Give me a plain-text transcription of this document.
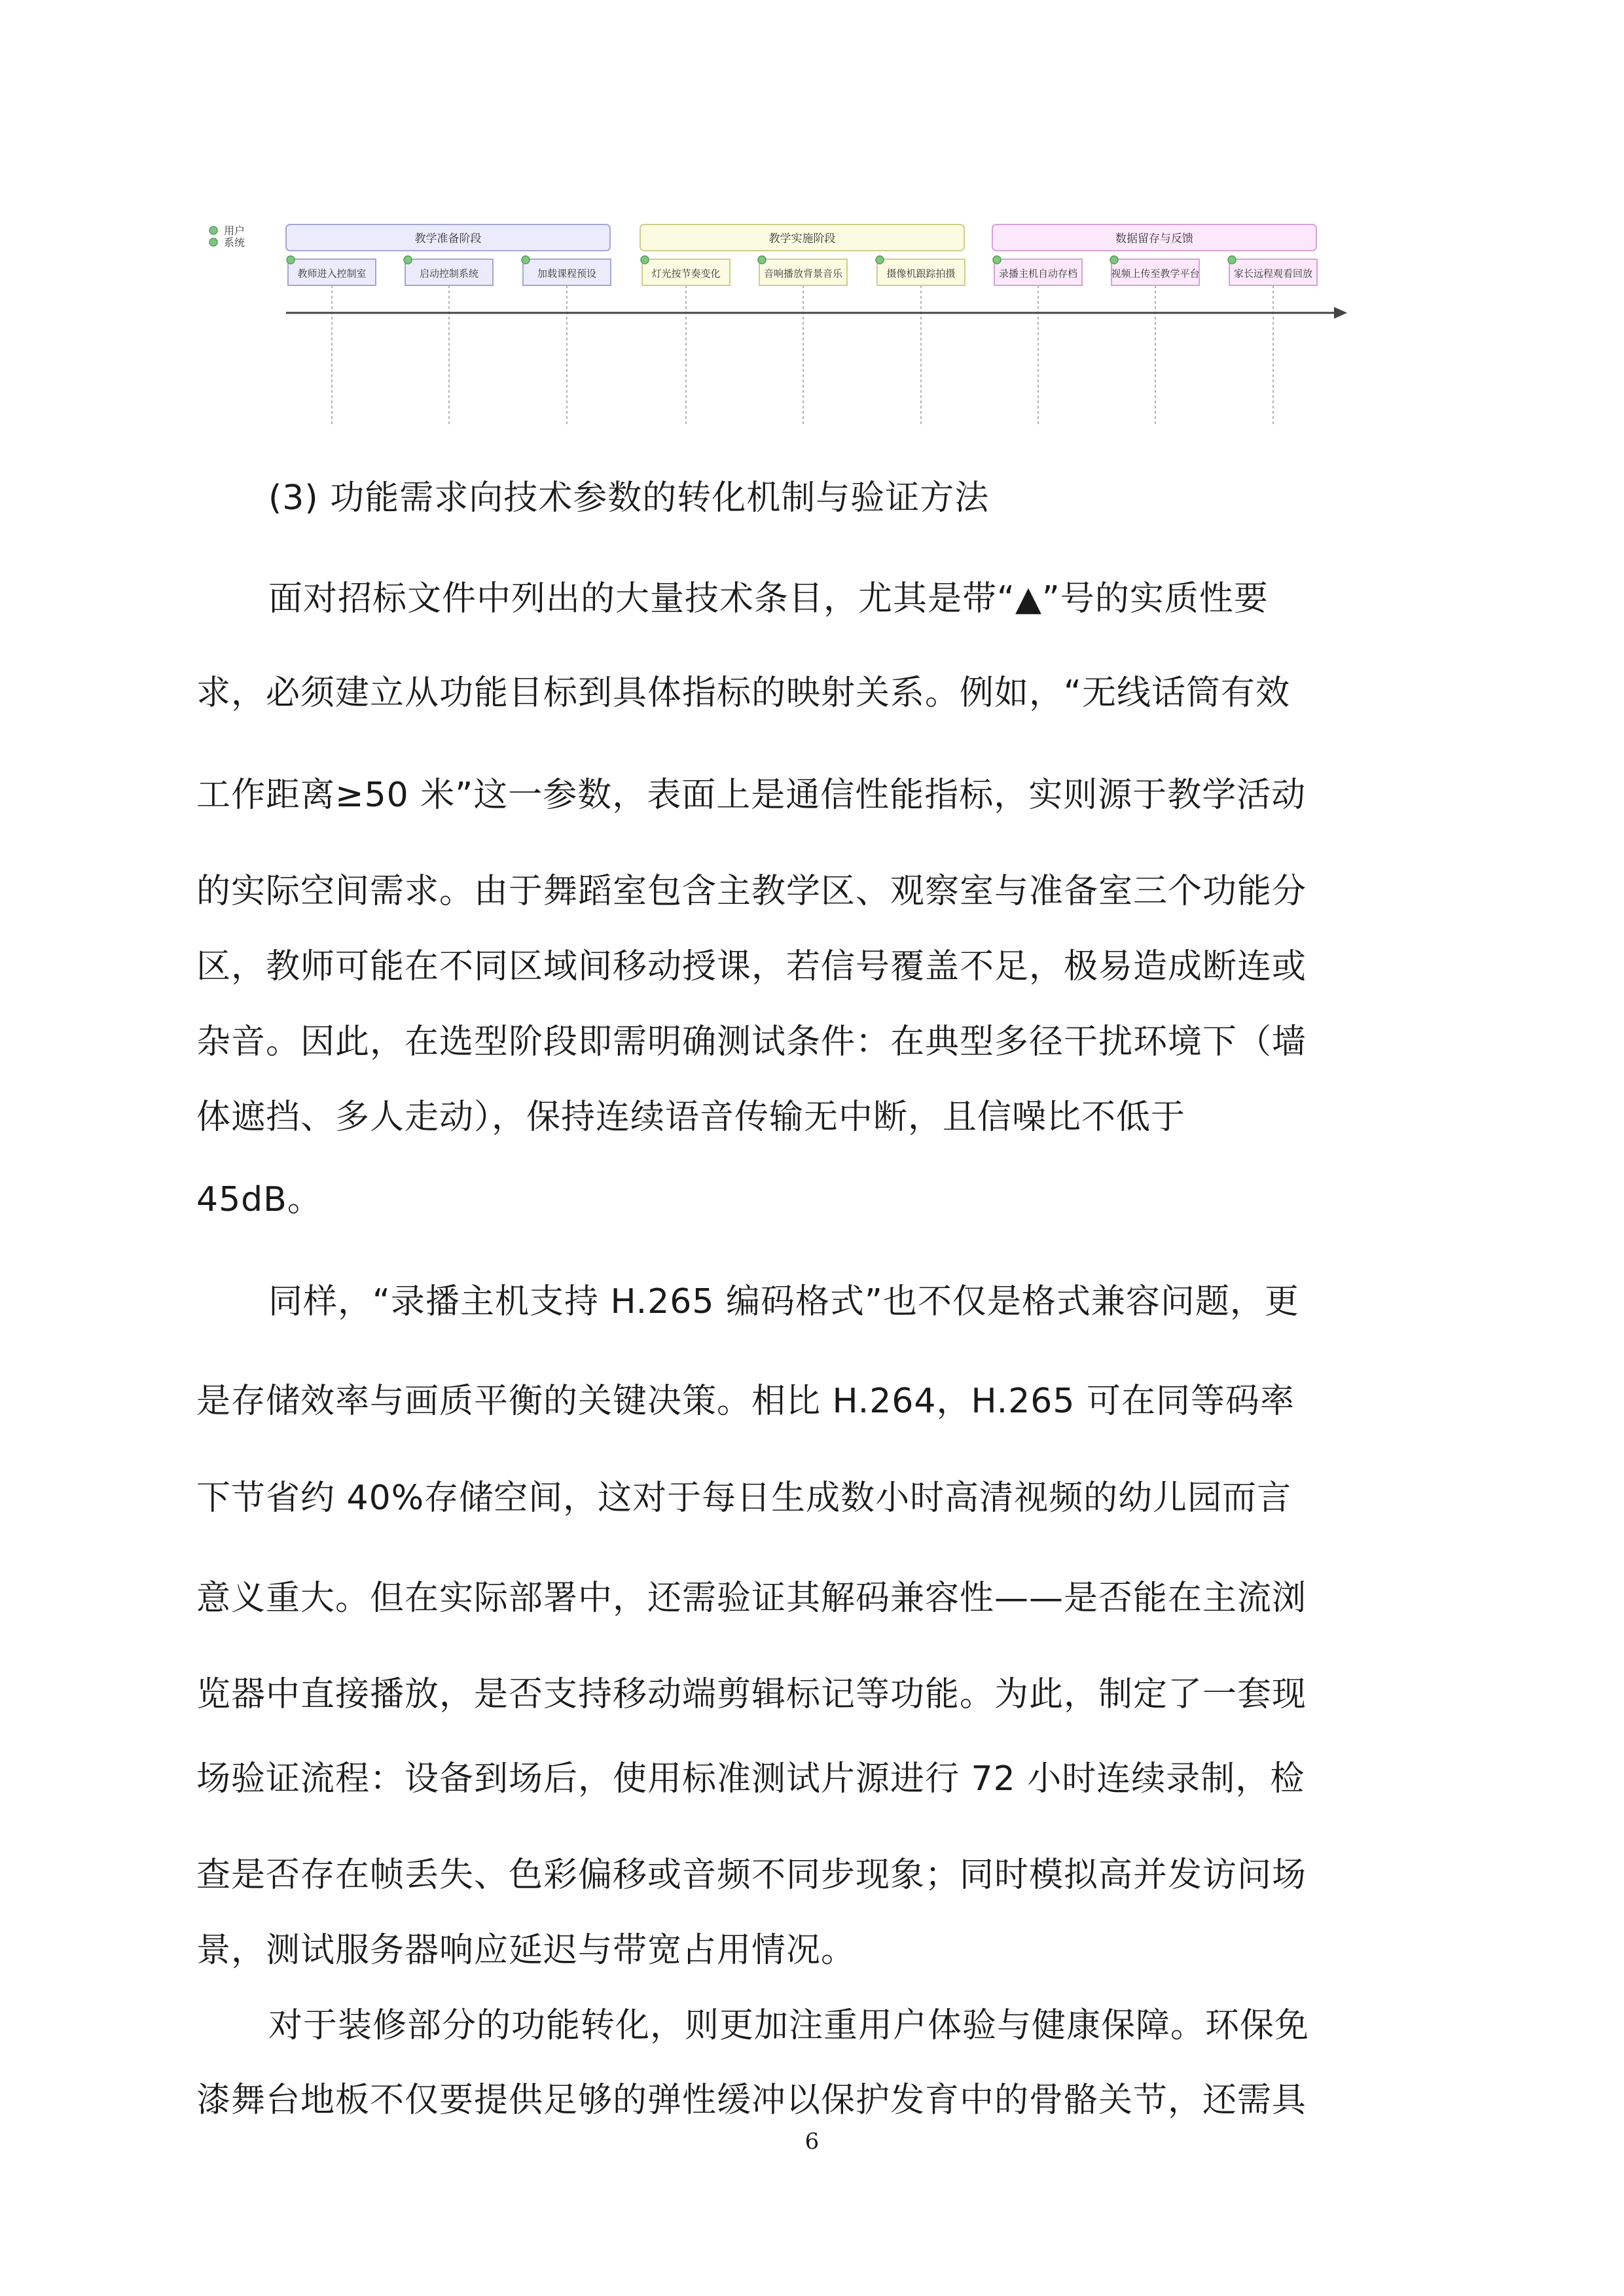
用户
系统	教学准备阶段
教师进入控制室	启动控制系统	加载课程预设
教学实施阶段
灯光按节奏变化	音响播放背景音乐	摄像机跟踪拍摄
数据留存与反馈
录播主机自动存档	视频上传至教学平台	家长远程观看回放
(3) 功能需求向技术参数的转化机制与验证方法

面对招标文件中列出的大量技术条目，尤其是带“▲”号的实质性要

求，必须建立从功能目标到具体指标的映射关系。例如，“无线话筒有效

工作距离≥50 米”这一参数，表面上是通信性能指标，实则源于教学活动

的实际空间需求。由于舞蹈室包含主教学区、观察室与准备室三个功能分

区，教师可能在不同区域间移动授课，若信号覆盖不足，极易造成断连或

杂音。因此，在选型阶段即需明确测试条件：在典型多径干扰环境下（墙

体遮挡、多人走动），保持连续语音传输无中断，且信噪比不低于

45dB。

同样，“录播主机支持 H.265 编码格式”也不仅是格式兼容问题，更

是存储效率与画质平衡的关键决策。相比 H.264，H.265 可在同等码率

下节省约 40%存储空间，这对于每日生成数小时高清视频的幼儿园而言

意义重大。但在实际部署中，还需验证其解码兼容性——是否能在主流浏

览器中直接播放，是否支持移动端剪辑标记等功能。为此，制定了一套现

场验证流程：设备到场后，使用标准测试片源进行 72 小时连续录制，检

查是否存在帧丢失、色彩偏移或音频不同步现象；同时模拟高并发访问场

景，测试服务器响应延迟与带宽占用情况。

对于装修部分的功能转化，则更加注重用户体验与健康保障。环保免

漆舞台地板不仅要提供足够的弹性缓冲以保护发育中的骨骼关节，还需具

6
